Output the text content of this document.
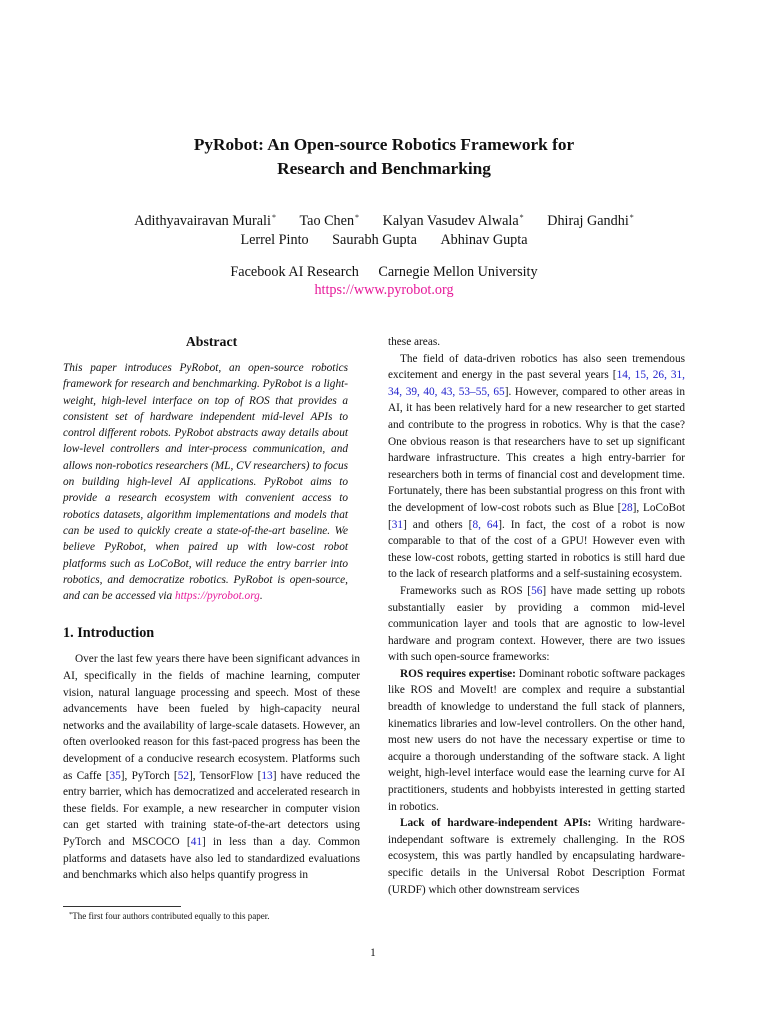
PyRobot: An Open-source Robotics Framework for
Research and Benchmarking
Adithyavairavan Murali* Tao Chen* Kalyan Vasudev Alwala* Dhiraj Gandhi*
Lerrel Pinto Saurabh Gupta Abhinav Gupta
Facebook AI Research Carnegie Mellon University
https://www.pyrobot.org
Abstract

This paper introduces PyRobot, an open-source robotics framework for research and benchmarking. PyRobot is a light-weight, high-level interface on top of ROS that provides a consistent set of hardware independent mid-level APIs to control different robots. PyRobot abstracts away details about low-level controllers and inter-process communication, and allows non-robotics researchers (ML, CV researchers) to focus on building high-level AI applications. PyRobot aims to provide a research ecosystem with convenient access to robotics datasets, algorithm implementations and models that can be used to quickly create a state-of-the-art baseline. We believe PyRobot, when paired up with low-cost robot platforms such as LoCoBot, will reduce the entry barrier into robotics, and democratize robotics. PyRobot is open-source, and can be accessed via https://pyrobot.org.

1. Introduction

Over the last few years there have been significant advances in AI, specifically in the fields of machine learning, computer vision, natural language processing and speech. Most of these advancements have been fueled by high-capacity neural networks and the availability of large-scale datasets. However, an often overlooked reason for this fast-paced progress has been the development of a conducive research ecosystem. Platforms such as Caffe [35], PyTorch [52], TensorFlow [13] have reduced the entry barrier, which has democratized and accelerated research in these fields. For example, a new researcher in computer vision can get started with training state-of-the-art detectors using PyTorch and MSCOCO [41] in less than a day. Common platforms and datasets have also led to standardized evaluations and benchmarks which also helps quantify progress in

these areas.

The field of data-driven robotics has also seen tremendous excitement and energy in the past several years [14, 15, 26, 31, 34, 39, 40, 43, 53–55, 65]. However, compared to other areas in AI, it has been relatively hard for a new researcher to get started and contribute to the progress in robotics. Why is that the case? One obvious reason is that researchers have to set up significant hardware infrastructure. This creates a high entry-barrier for researchers both in terms of financial cost and development time. Fortunately, there has been substantial progress on this front with the development of low-cost robots such as Blue [28], LoCoBot [31] and others [8, 64]. In fact, the cost of a robot is now comparable to that of the cost of a GPU! However even with these low-cost robots, getting started in robotics is still hard due to the lack of research platforms and a self-sustaining ecosystem.

Frameworks such as ROS [56] have made setting up robots substantially easier by providing a common mid-level communication layer and tools that are agnostic to low-level hardware and program context. However, there are two issues with such open-source frameworks:

ROS requires expertise: Dominant robotic software packages like ROS and MoveIt! are complex and require a substantial breadth of knowledge to understand the full stack of planners, kinematics libraries and low-level controllers. On the other hand, most new users do not have the necessary expertise or time to acquire a thorough understanding of the software stack. A light weight, high-level interface would ease the learning curve for AI practitioners, students and hobbyists interested in getting started in robotics.

Lack of hardware-independent APIs: Writing hardware-independant software is extremely challenging. In the ROS ecosystem, this was partly handled by encapsulating hardware-specific details in the Universal Robot Description Format (URDF) which other downstream services

*The first four authors contributed equally to this paper.
1
